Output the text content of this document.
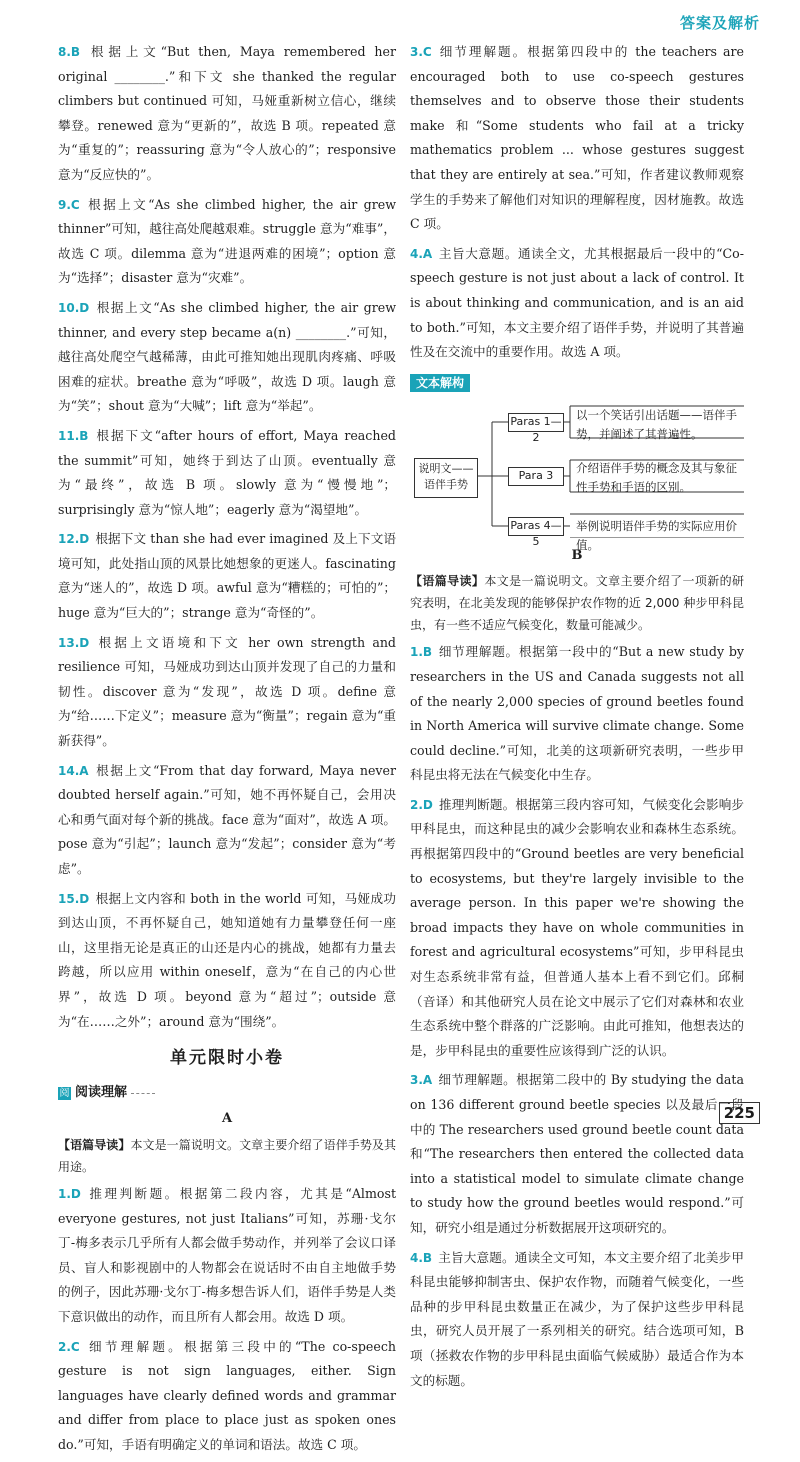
答案及解析
8.B 根据上文“But then, Maya remembered her original ________.”和下文 she thanked the regular climbers but continued 可知，马娅重新树立信心，继续攀登。renewed 意为“更新的”，故选 B 项。repeated 意为“重复的”；reassuring 意为“令人放心的”；responsive 意为“反应快的”。
9.C 根据上文“As she climbed higher, the air grew thinner”可知，越往高处爬越艰难。struggle 意为“难事”，故选 C 项。dilemma 意为“进退两难的困境”；option 意为“选择”；disaster 意为“灾难”。
10.D 根据上文“As she climbed higher, the air grew thinner, and every step became a(n) ________.”可知，越往高处爬空气越稀薄，由此可推知她出现肌肉疼痛、呼吸困难的症状。breathe 意为“呼吸”，故选 D 项。laugh 意为“笑”；shout 意为“大喊”；lift 意为“举起”。
11.B 根据下文“after hours of effort, Maya reached the summit”可知，她终于到达了山顶。eventually 意为“最终”，故选 B 项。slowly 意为“慢慢地”；surprisingly 意为“惊人地”；eagerly 意为“渴望地”。
12.D 根据下文 than she had ever imagined 及上下文语境可知，此处指山顶的风景比她想象的更迷人。fascinating 意为“迷人的”，故选 D 项。awful 意为“糟糕的；可怕的”；huge 意为“巨大的”；strange 意为“奇怪的”。
13.D 根据上文语境和下文 her own strength and resilience 可知，马娅成功到达山顶并发现了自己的力量和韧性。discover 意为“发现”，故选 D 项。define 意为“给……下定义”；measure 意为“衡量”；regain 意为“重新获得”。
14.A 根据上文“From that day forward, Maya never doubted herself again.”可知，她不再怀疑自己，会用决心和勇气面对每个新的挑战。face 意为“面对”，故选 A 项。pose 意为“引起”；launch 意为“发起”；consider 意为“考虑”。
15.D 根据上文内容和 both in the world 可知，马娅成功到达山顶，不再怀疑自己，她知道她有力量攀登任何一座山，这里指无论是真正的山还是内心的挑战，她都有力量去跨越，所以应用 within oneself，意为“在自己的内心世界”，故选 D 项。beyond 意为“超过”；outside 意为“在……之外”；around 意为“围绕”。
单元限时小卷
阅 阅读理解
A
【语篇导读】本文是一篇说明文。文章主要介绍了语伴手势及其用途。
1.D 推理判断题。根据第二段内容，尤其是“Almost everyone gestures, not just Italians”可知，苏珊·戈尔丁-梅多表示几乎所有人都会做手势动作，并列举了会议口译员、盲人和影视剧中的人物都会在说话时不由自主地做手势的例子，因此苏珊·戈尔丁-梅多想告诉人们，语伴手势是人类下意识做出的动作，而且所有人都会用。故选 D 项。
2.C 细节理解题。根据第三段中的“The co-speech gesture is not sign languages, either. Sign languages have clearly defined words and grammar and differ from place to place just as spoken ones do.”可知，手语有明确定义的单词和语法。故选 C 项。
3.C 细节理解题。根据第四段中的 the teachers are encouraged both to use co-speech gestures themselves and to observe those their students make 和“Some students who fail at a tricky mathematics problem ... whose gestures suggest that they are entirely at sea.”可知，作者建议教师观察学生的手势来了解他们对知识的理解程度，因材施教。故选 C 项。
4.A 主旨大意题。通读全文，尤其根据最后一段中的“Co-speech gesture is not just about a lack of control. It is about thinking and communication, and is an aid to both.”可知，本文主要介绍了语伴手势，并说明了其普遍性及在交流中的重要作用。故选 A 项。
文本解构
说明文——语伴手势
Paras 1—2
Para 3
Paras 4—5
以一个笑话引出话题——语伴手势，并阐述了其普遍性。
介绍语伴手势的概念及其与象征性手势和手语的区别。
举例说明语伴手势的实际应用价值。
B
【语篇导读】本文是一篇说明文。文章主要介绍了一项新的研究表明，在北美发现的能够保护农作物的近 2,000 种步甲科昆虫，有一些不适应气候变化，数量可能减少。
1.B 细节理解题。根据第一段中的“But a new study by researchers in the US and Canada suggests not all of the nearly 2,000 species of ground beetles found in North America will survive climate change. Some could decline.”可知，北美的这项新研究表明，一些步甲科昆虫将无法在气候变化中生存。
2.D 推理判断题。根据第三段内容可知，气候变化会影响步甲科昆虫，而这种昆虫的减少会影响农业和森林生态系统。再根据第四段中的“Ground beetles are very beneficial to ecosystems, but they're largely invisible to the average person. In this paper we're showing the broad impacts they have on whole communities in forest and agricultural ecosystems”可知，步甲科昆虫对生态系统非常有益，但普通人基本上看不到它们。邱桐（音译）和其他研究人员在论文中展示了它们对森林和农业生态系统中整个群落的广泛影响。由此可推知，他想表达的是，步甲科昆虫的重要性应该得到广泛的认识。
3.A 细节理解题。根据第二段中的 By studying the data on 136 different ground beetle species 以及最后一段中的 The researchers used ground beetle count data 和“The researchers then entered the collected data into a statistical model to simulate climate change to study how the ground beetles would respond.”可知，研究小组是通过分析数据展开这项研究的。
4.B 主旨大意题。通读全文可知，本文主要介绍了北美步甲科昆虫能够抑制害虫、保护农作物，而随着气候变化，一些品种的步甲科昆虫数量正在减少，为了保护这些步甲科昆虫，研究人员开展了一系列相关的研究。结合选项可知，B 项（拯救农作物的步甲科昆虫面临气候威胁）最适合作为本文的标题。
225
